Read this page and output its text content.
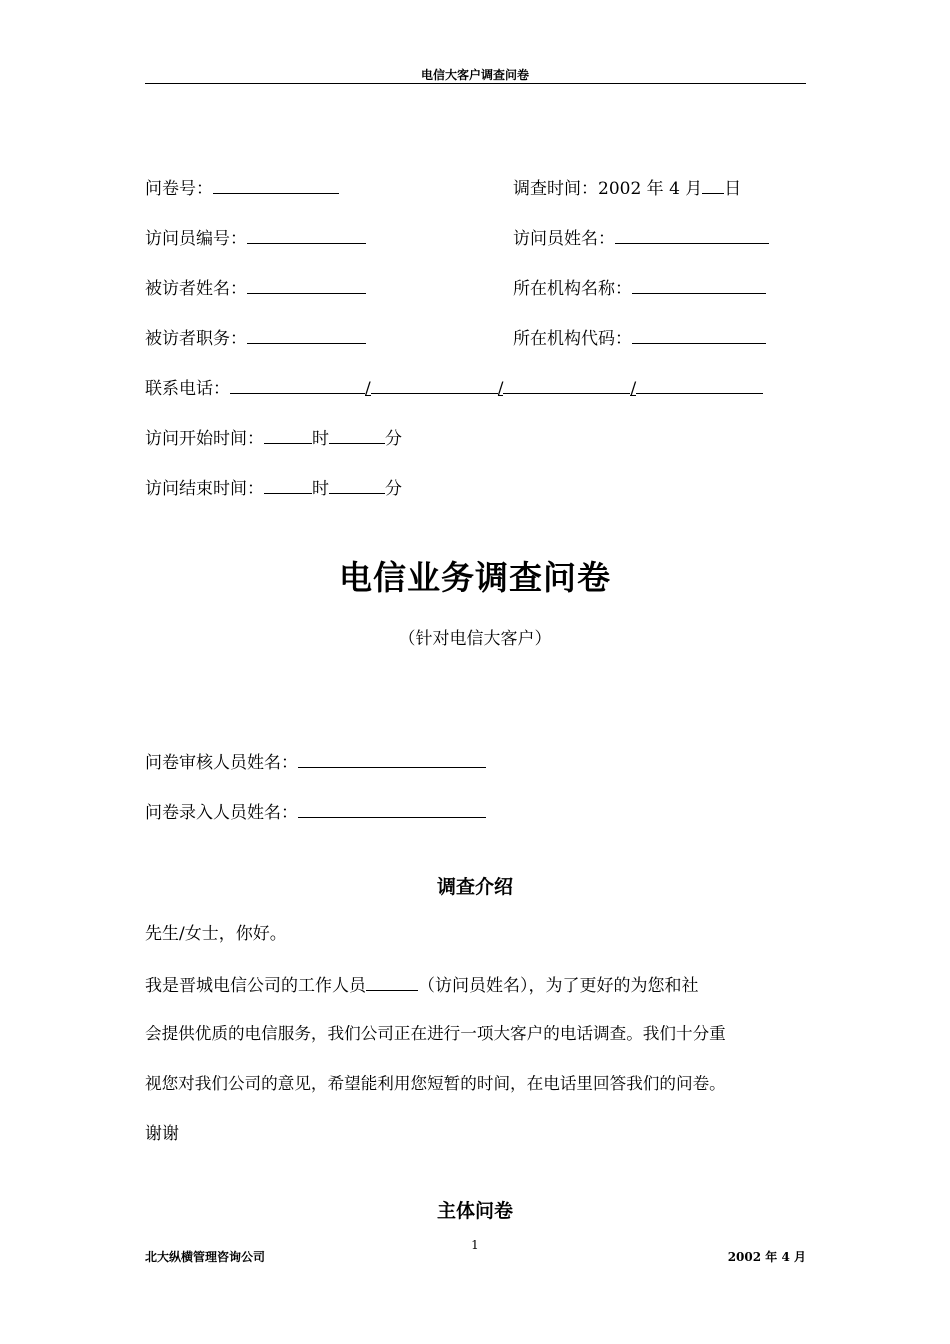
电信大客户调查问卷
问卷号：	调查时间：2002 年 4 月 日
访问员编号：	访问员姓名：
被访者姓名：	所在机构名称：
被访者职务：	所在机构代码：
联系电话：	/	/	/
访问开始时间：	时	分
访问结束时间：	时	分
电信业务调查问卷
（针对电信大客户）
问卷审核人员姓名：
问卷录入人员姓名：
调查介绍
先生/女士，你好。
我是晋城电信公司的工作人员	（访问员姓名），为了更好的为您和社
会提供优质的电信服务，我们公司正在进行一项大客户的电话调查。我们十分重
视您对我们公司的意见，希望能利用您短暂的时间，在电话里回答我们的问卷。
谢谢
主体问卷
北大纵横管理咨询公司
1
2002 年 4 月
